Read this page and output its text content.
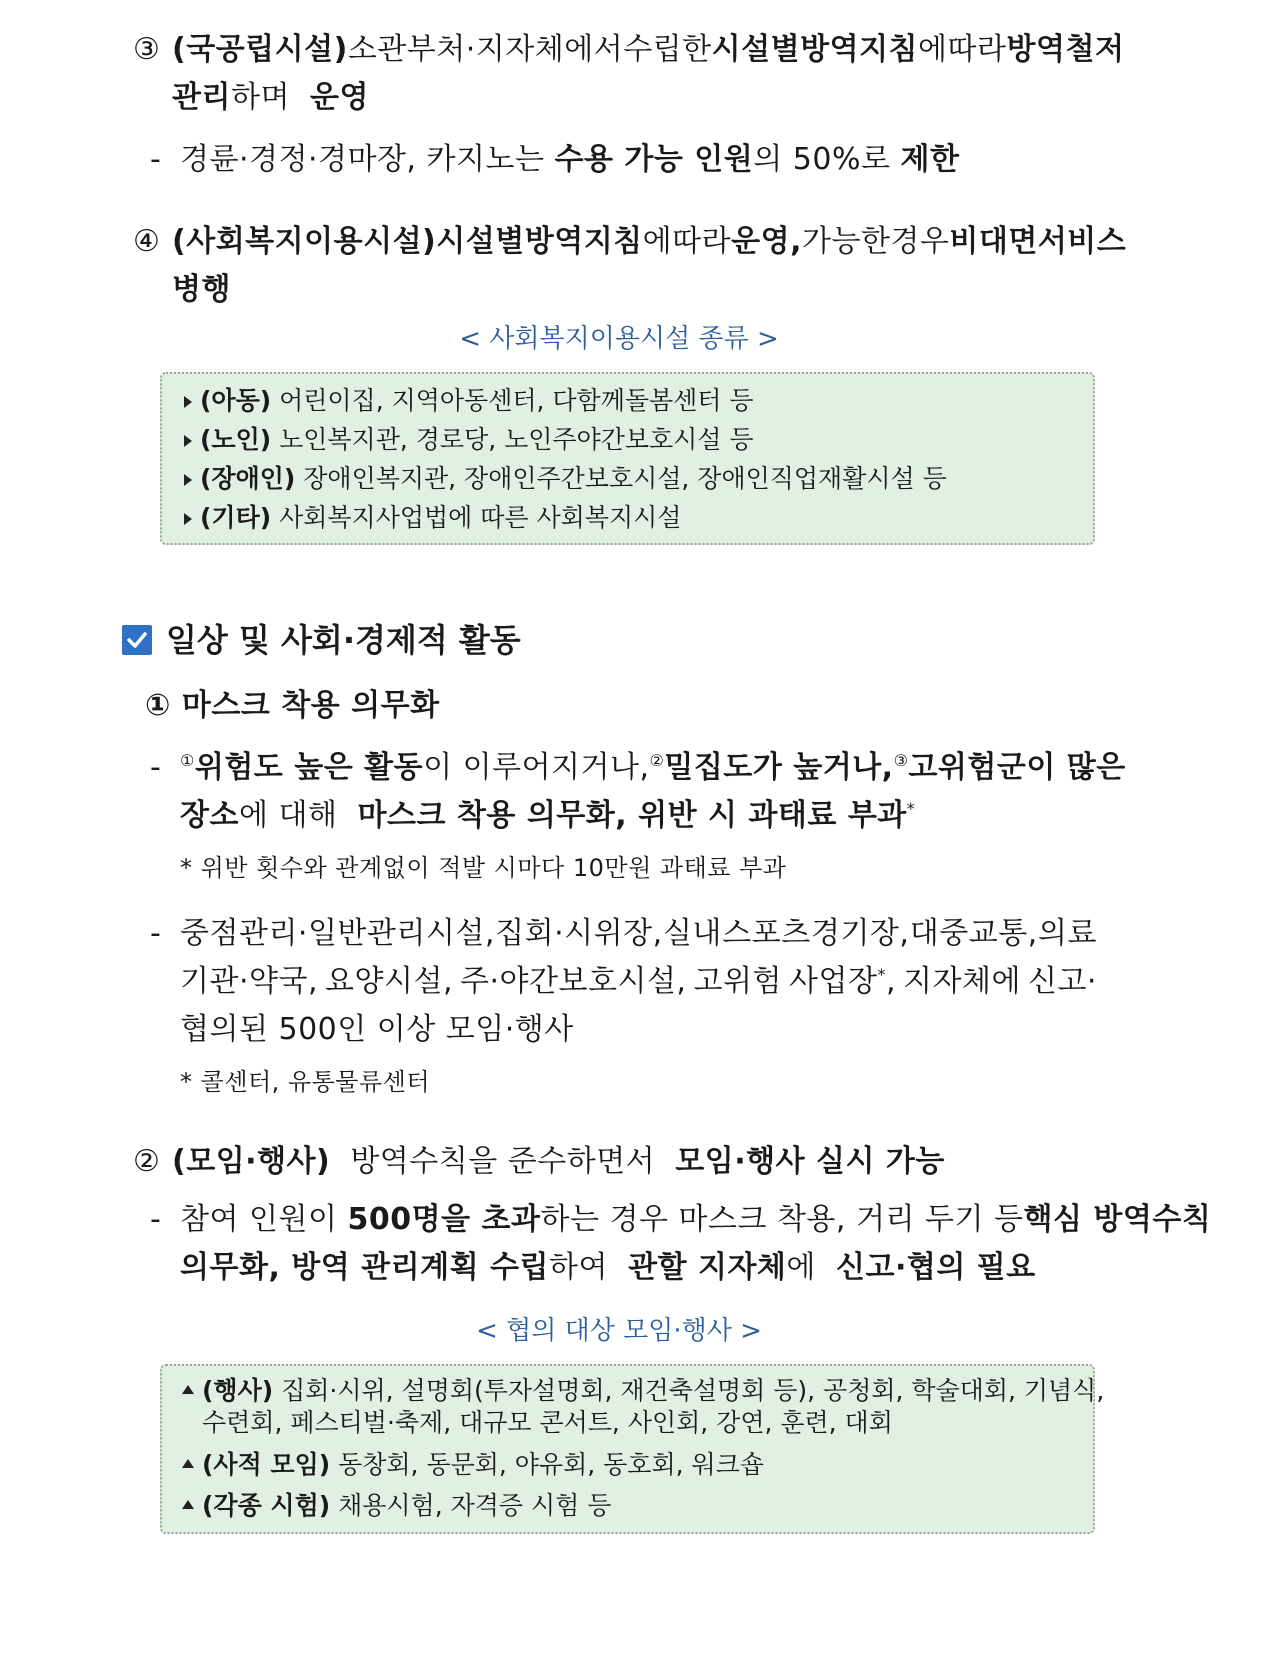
③ (국공립시설) 소관 부처·지자체에서 수립한 시설별 방역 지침에 따라 방역 철저
관리하며 운영
- 경륜·경정·경마장, 카지노는 수용 가능 인원의 50%로 제한
④ (사회복지이용시설) 시설별 방역 지침에 따라 운영, 가능한 경우 비대면서비스
병행
< 사회복지이용시설 종류 >
(아동) 어린이집, 지역아동센터, 다함께돌봄센터 등
(노인) 노인복지관, 경로당, 노인주야간보호시설 등
(장애인) 장애인복지관, 장애인주간보호시설, 장애인직업재활시설 등
(기타) 사회복지사업법에 따른 사회복지시설
일상 및 사회·경제적 활동
① 마스크 착용 의무화
- ①위험도 높은 활동이 이루어지거나, ②밀집도가 높거나, ③고위험군이 많은
장소에 대해 마스크 착용 의무화, 위반 시 과태료 부과*
* 위반 횟수와 관계없이 적발 시마다 10만원 과태료 부과
- 중점관리·일반관리시설, 집회·시위장, 실내 스포츠 경기장, 대중교통, 의료
기관·약국, 요양시설, 주·야간보호시설, 고위험 사업장*, 지자체에 신고·
협의된 500인 이상 모임·행사
* 콜센터, 유통물류센터
② (모임·행사) 방역수칙을 준수하면서 모임·행사 실시 가능
- 참여 인원이 500명을 초과하는 경우 마스크 착용, 거리 두기 등 핵심 방역수칙
의무화, 방역 관리계획 수립하여 관할 지자체에 신고·협의 필요
< 협의 대상 모임·행사 >
(행사) 집회·시위, 설명회(투자설명회, 재건축설명회 등), 공청회, 학술대회, 기념식,
수련회, 페스티벌·축제, 대규모 콘서트, 사인회, 강연, 훈련, 대회
(사적 모임) 동창회, 동문회, 야유회, 동호회, 워크숍
(각종 시험) 채용시험, 자격증 시험 등
